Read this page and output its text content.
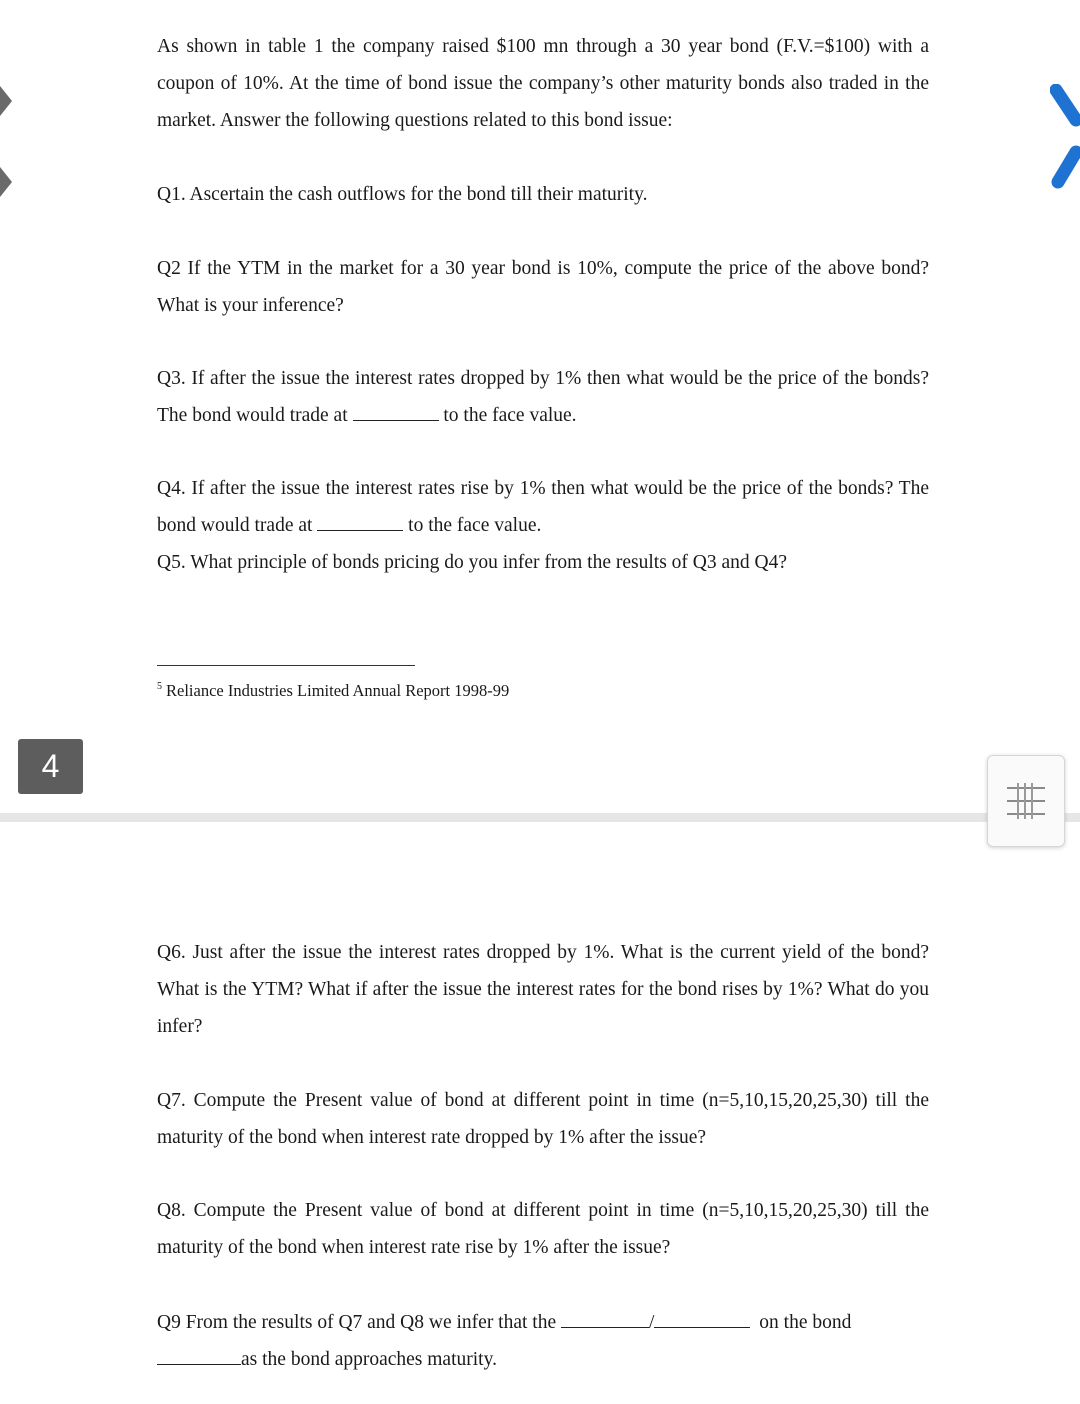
As shown in table 1 the company raised $100 mn through a 30 year bond (F.V.=$100) with a coupon of 10%. At the time of bond issue the company’s other maturity bonds also traded in the market. Answer the following questions related to this bond issue:

Q1. Ascertain the cash outflows for the bond till their maturity.

Q2 If the YTM in the market for a 30 year bond is 10%, compute the price of the above bond? What is your inference?

Q3. If after the issue the interest rates dropped by 1% then what would be the price of the bonds? The bond would trade at	to the face value.

Q4. If after the issue the interest rates rise by 1% then what would be the price of the bonds? The bond would trade at	to the face value.

Q5. What principle of bonds pricing do you infer from the results of Q3 and Q4?

$^5$ Reliance Industries Limited Annual Report 1998-99

Q6. Just after the issue the interest rates dropped by 1%. What is the current yield of the bond? What is the YTM? What if after the issue the interest rates for the bond rises by 1%? What do you infer?

Q7. Compute the Present value of bond at different point in time (n=5,10,15,20,25,30) till the maturity of the bond when interest rate dropped by 1% after the issue?

Q8. Compute the Present value of bond at different point in time (n=5,10,15,20,25,30) till the maturity of the bond when interest rate rise by 1% after the issue?

Q9 From the results of Q7 and Q8 we infer that the	/	on the bond
as the bond approaches maturity.

4
